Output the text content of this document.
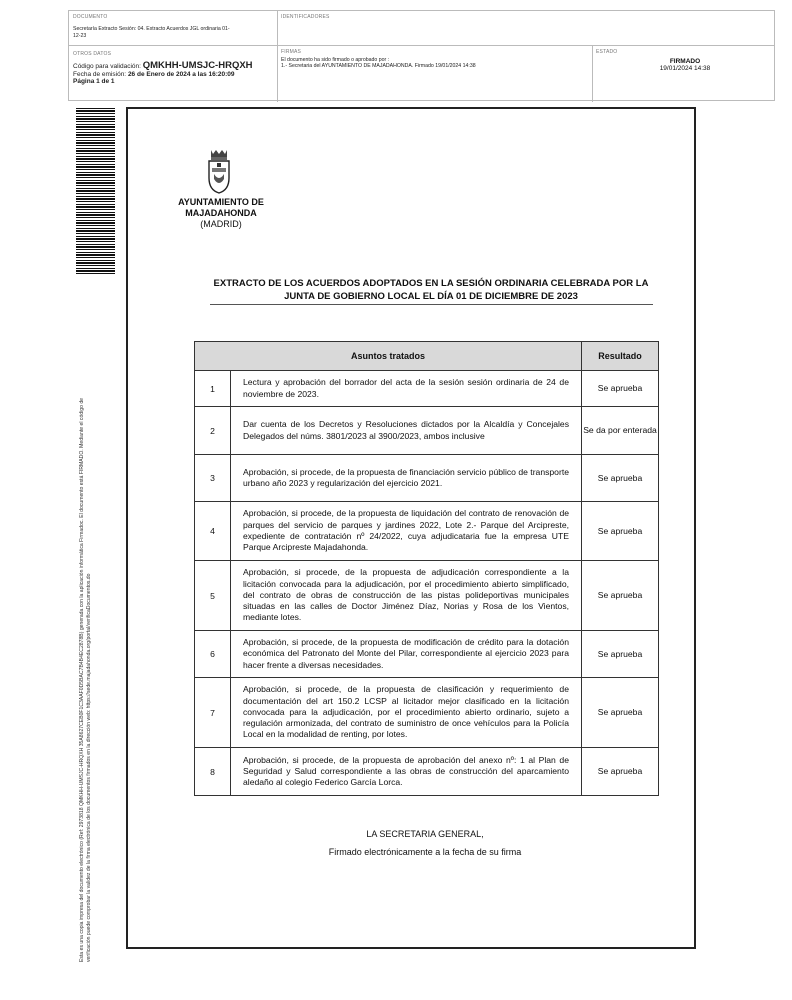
DOCUMENTO
Secretaría Extracto Sesión: 04. Extracto Acuerdos JGL ordinaria 01-12-23
IDENTIFICADORES
OTROS DATOS
Código para validación: QMKHH-UMSJC-HRQXH
Fecha de emisión: 26 de Enero de 2024 a las 16:20:09
Página 1 de 1
FIRMAS
El documento ha sido firmado o aprobado por :
1.- Secretaria del AYUNTAMIENTO DE MAJADAHONDA. Firmado 19/01/2024 14:38
ESTADO
FIRMADO
19/01/2024 14:38
Esta es una copia impresa del documento electrónico (Ref: 2973818 QMKHH-UMSJC-HRQXH 35A8627CEB0F1C3AAF0D5BAC7B4B4EC2878B) generada con la aplicación informática Firmadoc. El documento está FIRMADO. Mediante el código de verificación puede comprobar la validez de la firma electrónica de los documentos firmados en la dirección web: https://sede.majadahonda.org/portal/verificaDocumentos.do
AYUNTAMIENTO DE
MAJADAHONDA
(MADRID)
EXTRACTO DE LOS ACUERDOS ADOPTADOS EN LA SESIÓN ORDINARIA CELEBRADA POR LA
JUNTA DE GOBIERNO LOCAL EL DÍA 01 DE DICIEMBRE DE 2023
Asuntos tratados		Resultado
1	Lectura y aprobación del borrador del acta de la sesión sesión ordinaria de 24 de noviembre de 2023.	Se aprueba
2	Dar cuenta de los Decretos y Resoluciones dictados por la Alcaldía y Concejales Delegados del núms. 3801/2023 al 3900/2023, ambos inclusive	Se da por enterada
3	Aprobación, si procede, de la propuesta de financiación servicio público de transporte urbano año 2023 y regularización del ejercicio 2021.	Se aprueba
4	Aprobación, si procede, de la propuesta de liquidación del contrato de renovación de parques del servicio de parques y jardines 2022, Lote 2.- Parque del Arcipreste, expediente de contratación nº 24/2022, cuya adjudicataria fue la empresa UTE Parque Arcipreste Majadahonda.	Se aprueba
5	Aprobación, si procede, de la propuesta de adjudicación correspondiente a la licitación convocada para la adjudicación, por el procedimiento abierto simplificado, del contrato de obras de construcción de las pistas polideportivas municipales situadas en las calles de Doctor Jiménez Díaz, Norias y Rosa de los Vientos, mediante lotes.	Se aprueba
6	Aprobación, si procede, de la propuesta de modificación de crédito para la dotación económica del Patronato del Monte del Pilar, correspondiente al ejercicio 2023 para hacer frente a diversas necesidades.	Se aprueba
7	Aprobación, si procede, de la propuesta de clasificación y requerimiento de documentación del art 150.2 LCSP al licitador mejor clasificado en la licitación convocada para la adjudicación, por el procedimiento abierto ordinario, sujeto a regulación armonizada, del contrato de suministro de once vehículos para la Policía Local en la modalidad de renting, por lotes.	Se aprueba
8	Aprobación, si procede, de la propuesta de aprobación del anexo nº: 1 al Plan de Seguridad y Salud correspondiente a las obras de construcción del aparcamiento aledaño al colegio Federico García Lorca.	Se aprueba
LA SECRETARIA GENERAL,
Firmado electrónicamente a la fecha de su firma
